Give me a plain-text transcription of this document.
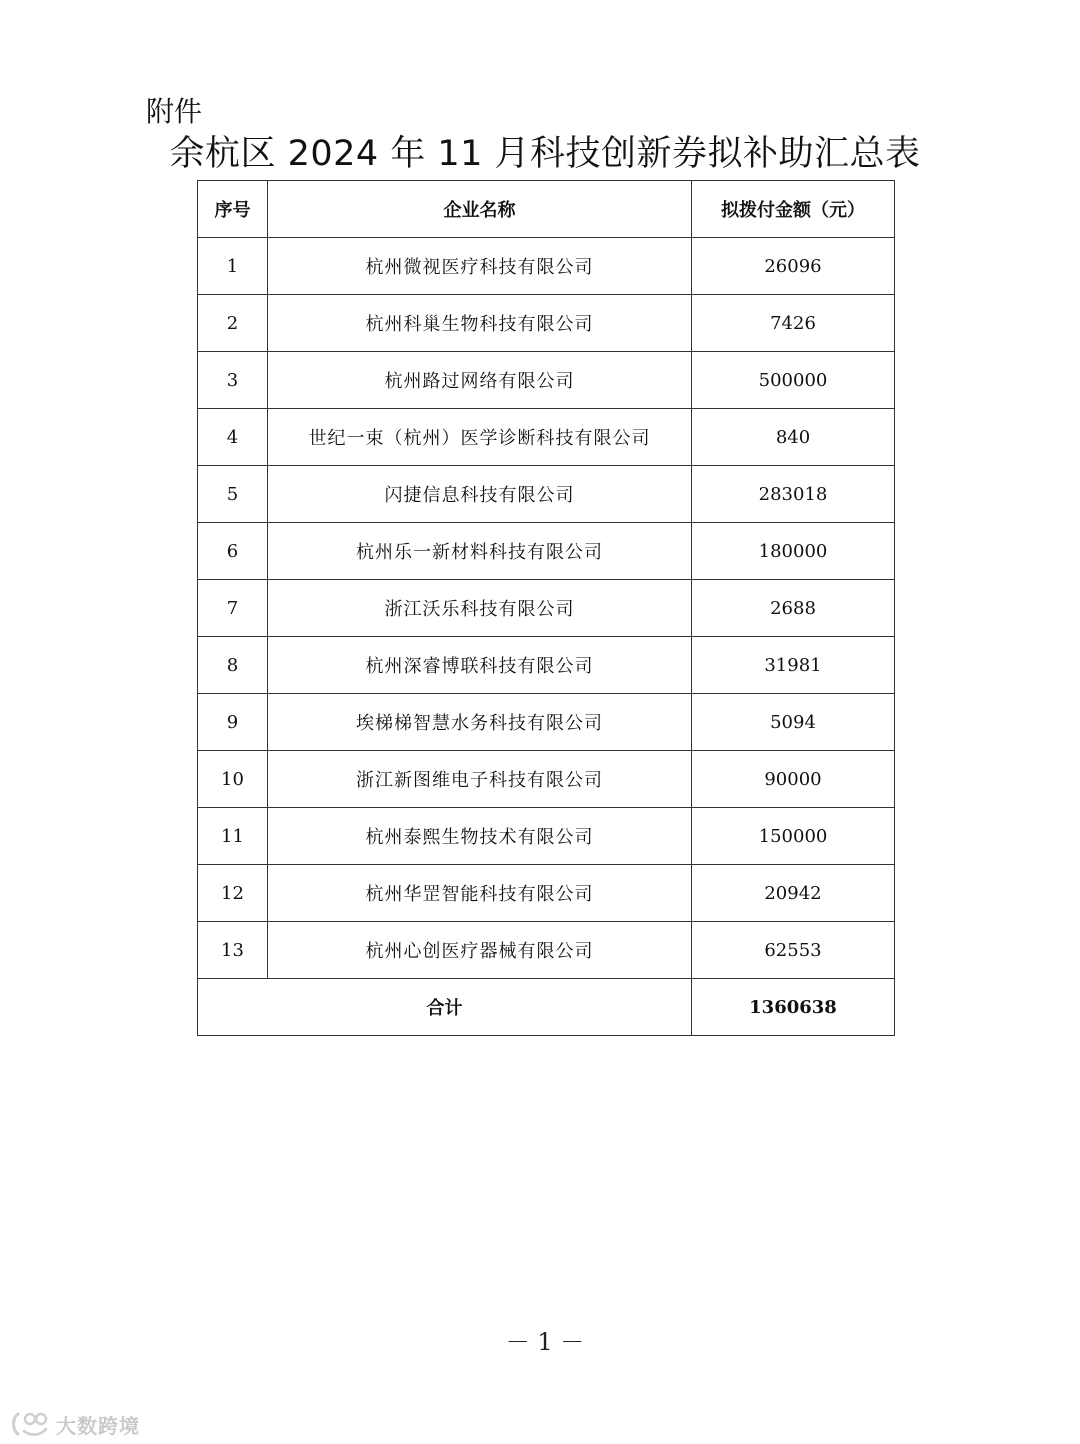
附件
余杭区 2024 年 11 月科技创新券拟补助汇总表
序号	企业名称	拟拨付金额（元）
1	杭州微视医疗科技有限公司	26096
2	杭州科巢生物科技有限公司	7426
3	杭州路过网络有限公司	500000
4	世纪一束（杭州）医学诊断科技有限公司	840
5	闪捷信息科技有限公司	283018
6	杭州乐一新材料科技有限公司	180000
7	浙江沃乐科技有限公司	2688
8	杭州深睿博联科技有限公司	31981
9	埃梯梯智慧水务科技有限公司	5094
10	浙江新图维电子科技有限公司	90000
11	杭州泰熙生物技术有限公司	150000
12	杭州华罡智能科技有限公司	20942
13	杭州心创医疗器械有限公司	62553
合计		1360638
－ 1 －
大数跨境
